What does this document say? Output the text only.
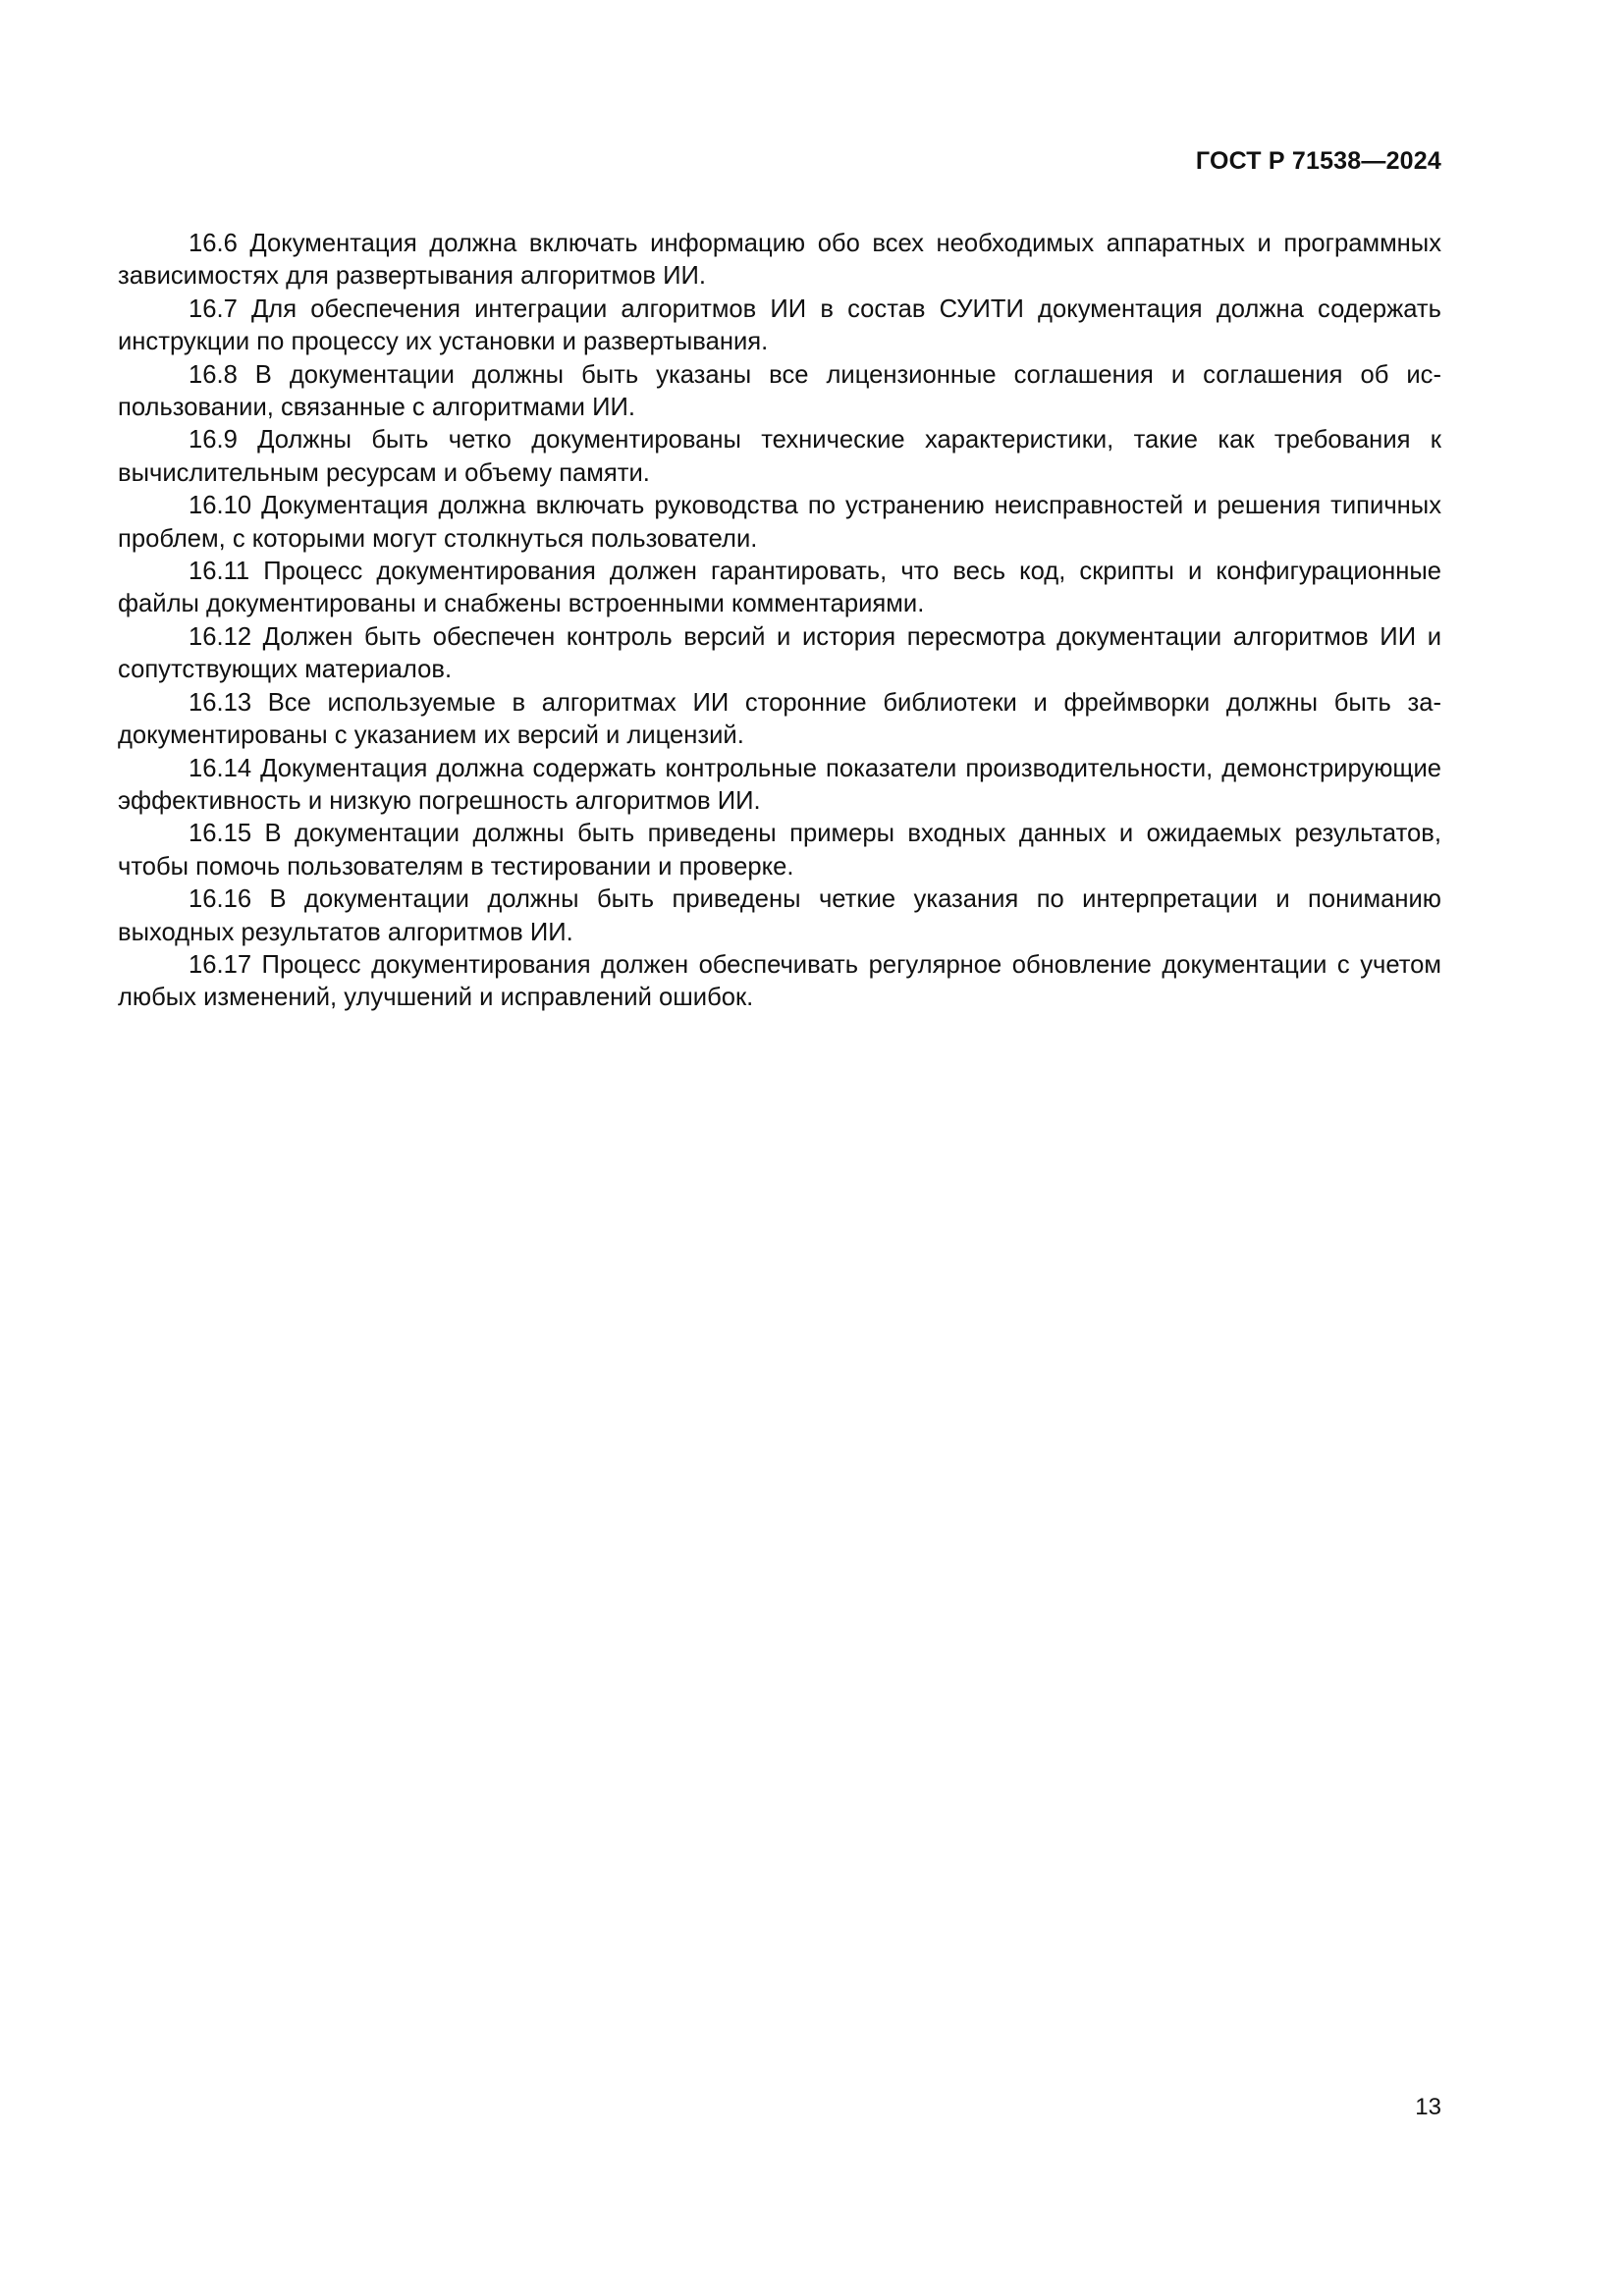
ГОСТ Р 71538—2024

16.6 Документация должна включать информацию обо всех необходимых аппаратных и программных зависимостях для развертывания алгоритмов ИИ.

16.7 Для обеспечения интеграции алгоритмов ИИ в состав СУИТИ документация должна содержать инструкции по процессу их установки и развертывания.

16.8 В документации должны быть указаны все лицензионные соглашения и соглашения об использовании, связанные с алгоритмами ИИ.

16.9 Должны быть четко документированы технические характеристики, такие как требования к вычислительным ресурсам и объему памяти.

16.10 Документация должна включать руководства по устранению неисправностей и решения типичных проблем, с которыми могут столкнуться пользователи.

16.11 Процесс документирования должен гарантировать, что весь код, скрипты и конфигурационные файлы документированы и снабжены встроенными комментариями.

16.12 Должен быть обеспечен контроль версий и история пересмотра документации алгоритмов ИИ и сопутствующих материалов.

16.13 Все используемые в алгоритмах ИИ сторонние библиотеки и фреймворки должны быть задокументированы с указанием их версий и лицензий.

16.14 Документация должна содержать контрольные показатели производительности, демонстрирующие эффективность и низкую погрешность алгоритмов ИИ.

16.15 В документации должны быть приведены примеры входных данных и ожидаемых результатов, чтобы помочь пользователям в тестировании и проверке.

16.16 В документации должны быть приведены четкие указания по интерпретации и пониманию выходных результатов алгоритмов ИИ.

16.17 Процесс документирования должен обеспечивать регулярное обновление документации с учетом любых изменений, улучшений и исправлений ошибок.

13
